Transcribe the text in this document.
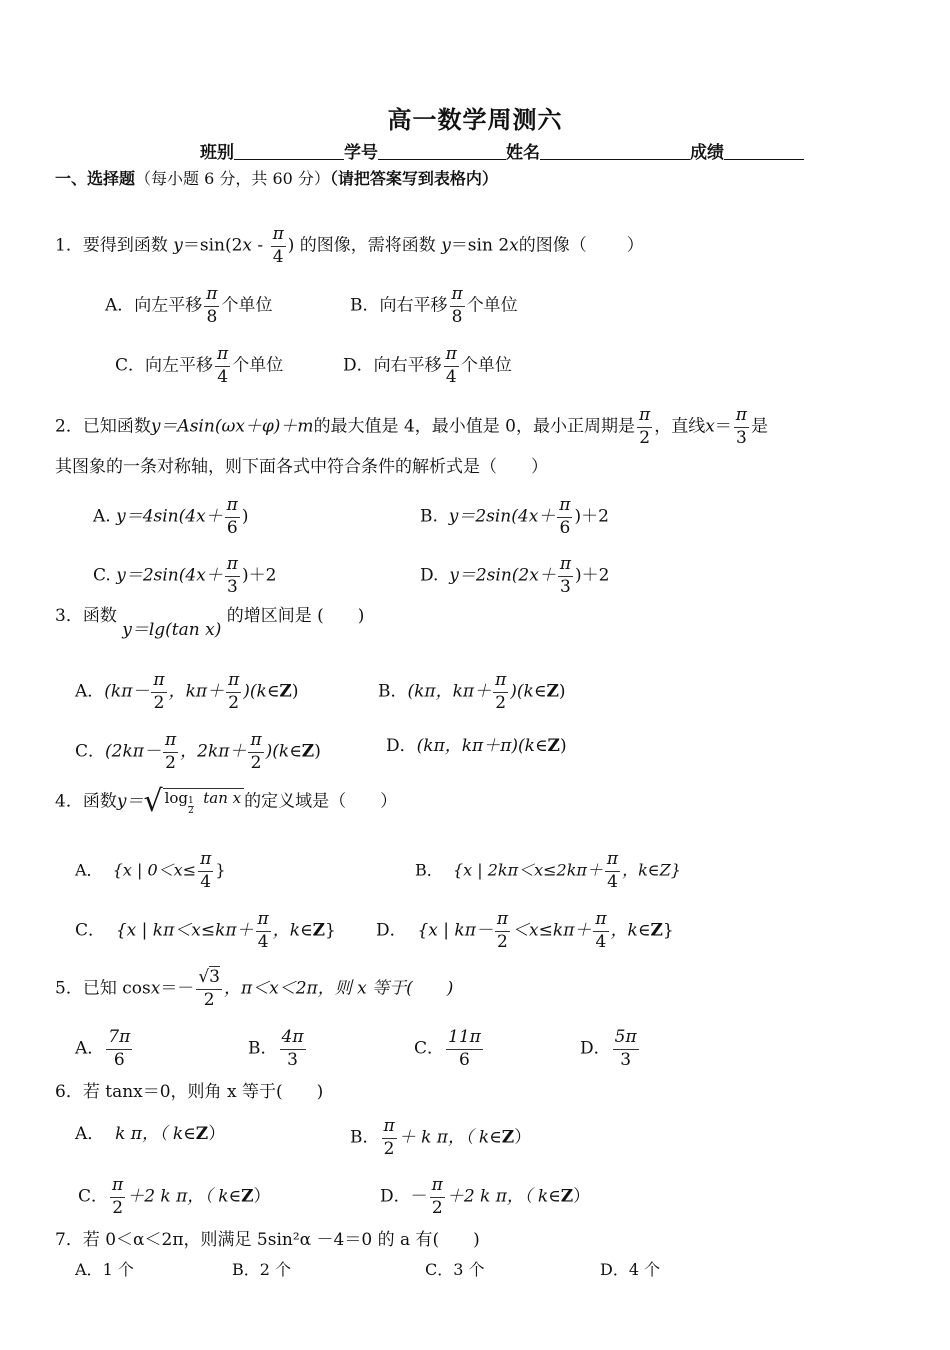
高一数学周测六
班别	学号	姓名	成绩
一、选择题（每小题 6 分，共 60 分）（请把答案写到表格内）
1．要得到函数 $y=\sin(2x - \frac{\pi}{4}$ ) 的图像，需将函数 y＝sin 2x的图像（ ）
A．向左平移 $\frac{\pi}{8}$ 个单位	B．向右平移 $\frac{\pi}{8}$ 个单位
C．向左平移 $\frac{\pi}{4}$ 个单位	D．向右平移 $\frac{\pi}{4}$ 个单位
2．已知函数y＝Asin(ωx＋φ)＋m的最大值是 4，最小值是 0，最小正周期是 $\frac{\pi}{2}$ ，直线$x= \frac{\pi}{3}$ 是
其图象的一条对称轴，则下面各式中符合条件的解析式是（　　）
A. $y=4\sin(4x+ \frac{\pi}{6}$ )	B. $y=2\sin(4x+ \frac{\pi}{6} )+2$
C. $y=2\sin(4x+ \frac{\pi}{3} )+2$	D. $y=2\sin(2x+ \frac{\pi}{3} )+2$
3．函数 y＝lg(tan x) 的增区间是 (　　)
A．($k\pi- \frac{\pi}{2}$ ，$k\pi+ \frac{\pi}{2}$ )(k∈Z)	B．(kπ，$k\pi+ \frac{\pi}{2}$ )(k∈Z)
C．($2k\pi- \frac{\pi}{2}$ ，$2k\pi+ \frac{\pi}{2}$ )(k∈Z)	D．(kπ，kπ＋π)(k∈Z)
4．函数y＝√ $\log \frac{1}{2}$ tan x 的定义域是（　　）
A． {x | $0<x\le \frac{\pi}{4}$ }	B． {x | $2k\pi<x\le 2k\pi+ \frac{\pi}{4}$ ，k∈Z}
C． {x | $k\pi<x\le k\pi+ \frac{\pi}{4}$ ，k∈Z} D． {x | $k\pi- \frac{\pi}{2} <x\le k\pi+ \frac{\pi}{4}$ ，k∈Z}
5．已知 $\cos x=- \frac{√3}{2}$ ，π＜x＜2π，则 x 等于(　　)
A． $\frac{7\pi}{6}$	B． $\frac{4\pi}{3}$	C． $\frac{11\pi}{6}$	D． $\frac{5\pi}{3}$
6．若 tanx＝0，则角 x 等于(　　)
A． k π，（ k∈Z）	B． $\frac{\pi}{2} + k$ π，（ k∈Z）
C． $\frac{\pi}{2} +2$ k π，（ k∈Z）	D．－ $\frac{\pi}{2} +2$ k π，（ k∈Z）
7．若 0＜α＜2π，则满足 5sin²α －4＝0 的 a 有(　　)
A．1 个	B．2 个	C．3 个	D．4 个
